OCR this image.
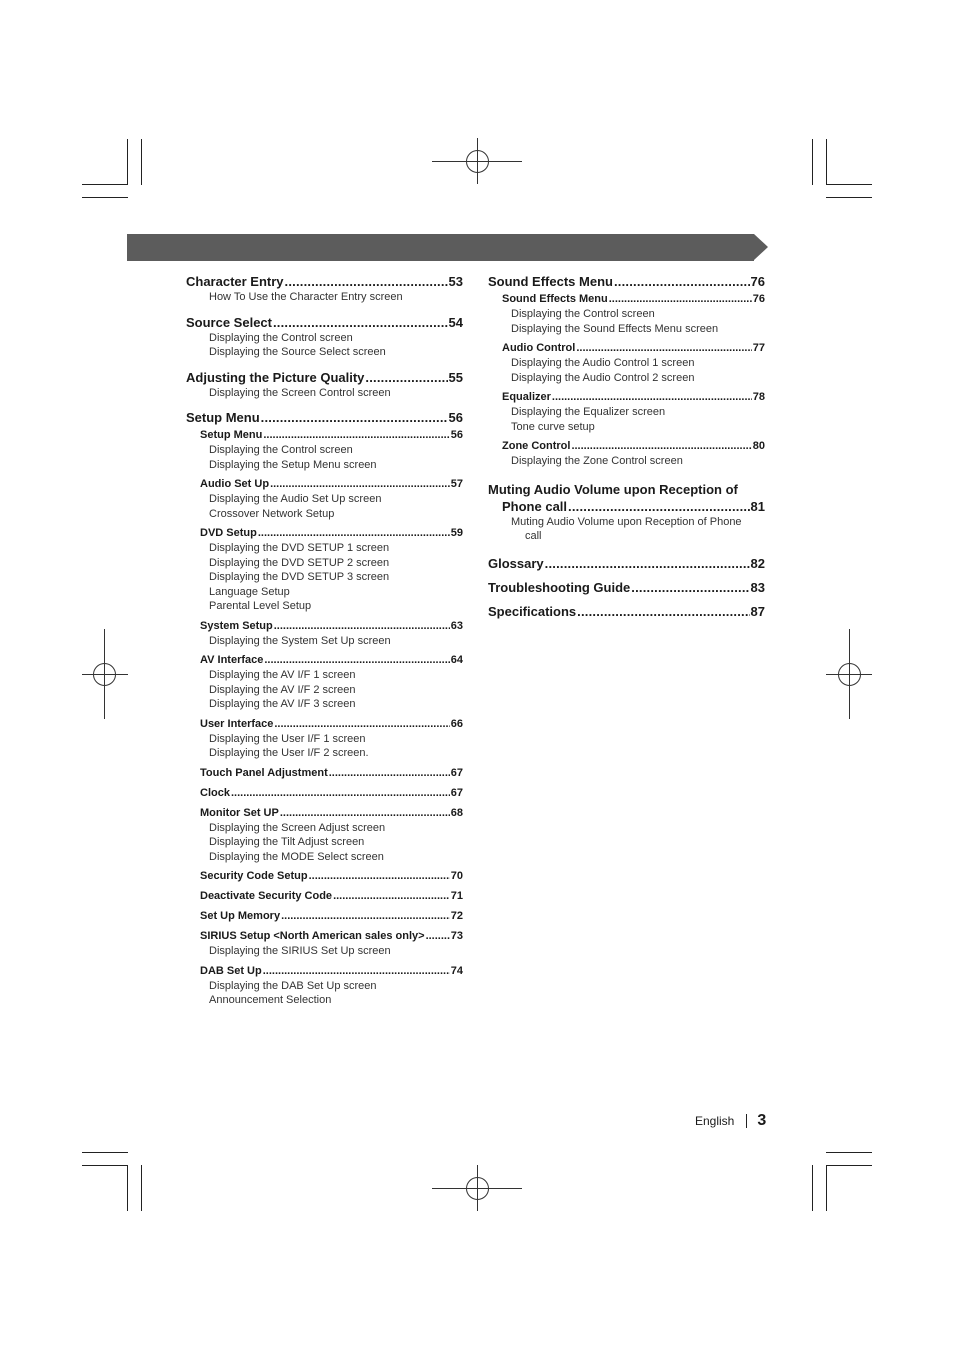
Character Entry .....	53
How To Use the Character Entry screen
Source Select .....	54
Displaying the Control screen
Displaying the Source Select screen
Adjusting the Picture Quality .....	55
Displaying the Screen Control screen
Setup Menu .....	56
Setup Menu .....	56
Displaying the Control screen
Displaying the Setup Menu screen
Audio Set Up .....	57
Displaying the Audio Set Up screen
Crossover Network Setup
DVD Setup .....	59
Displaying the DVD SETUP 1 screen
Displaying the DVD SETUP 2 screen
Displaying the DVD SETUP 3 screen
Language Setup
Parental Level Setup
System Setup .....	63
Displaying the System Set Up screen
AV Interface .....	64
Displaying the AV I/F 1 screen
Displaying the AV I/F 2 screen
Displaying the AV I/F 3 screen
User Interface .....	66
Displaying the User I/F 1 screen
Displaying the User I/F 2 screen.
Touch Panel Adjustment .....	67
Clock .....	67
Monitor Set UP .....	68
Displaying the Screen Adjust screen
Displaying the Tilt Adjust screen
Displaying the MODE Select screen
Security Code Setup .....	70
Deactivate Security Code .....	71
Set Up Memory .....	72
SIRIUS Setup <North American sales only> ..... 73
Displaying the SIRIUS Set Up screen
DAB Set Up .....	74
Displaying the DAB Set Up screen
Announcement Selection
Sound Effects Menu .....	76
Sound Effects Menu .....	76
Displaying the Control screen
Displaying the Sound Effects Menu screen
Audio Control .....	77
Displaying the Audio Control 1 screen
Displaying the Audio Control 2 screen
Equalizer .....	78
Displaying the Equalizer screen
Tone curve setup
Zone Control .....	80
Displaying the Zone Control screen
Muting Audio Volume upon Reception of
Phone call .....	81
Muting Audio Volume upon Reception of Phone
call
Glossary .....	82
Troubleshooting Guide .....	83
Specifications .....	87
English 3
